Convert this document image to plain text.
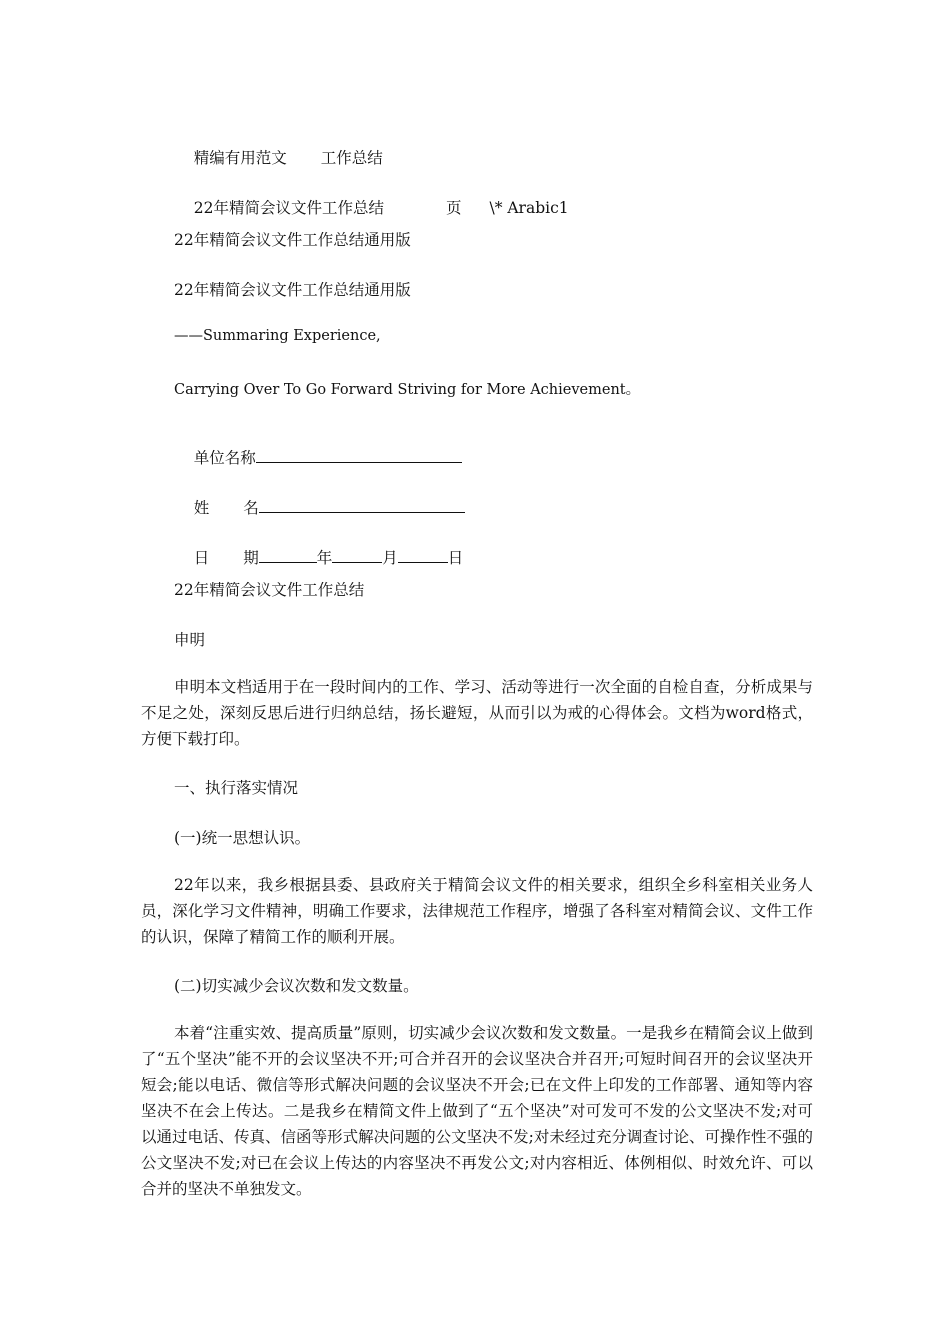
精编有用范文 工作总结

22年精简会议文件工作总结	页 \* Arabic1

22年精简会议文件工作总结通用版
22年精简会议文件工作总结通用版
——Summaring Experience,
Carrying Over To Go Forward Striving for More Achievement。

单位名称

姓 名

日 期	年	月	日

22年精简会议文件工作总结
申明
申明本文档适用于在一段时间内的工作、学习、活动等进行一次全面的自检自查，分析成果与不足之处，深刻反思后进行归纳总结，扬长避短，从而引以为戒的心得体会。文档为word格式，方便下载打印。
一、执行落实情况
(一)统一思想认识。
22年以来，我乡根据县委、县政府关于精简会议文件的相关要求，组织全乡科室相关业务人员，深化学习文件精神，明确工作要求，法律规范工作程序，增强了各科室对精简会议、文件工作的认识，保障了精简工作的顺利开展。
(二)切实减少会议次数和发文数量。
本着“注重实效、提高质量”原则，切实减少会议次数和发文数量。一是我乡在精简会议上做到了“五个坚决”能不开的会议坚决不开;可合并召开的会议坚决合并召开;可短时间召开的会议坚决开短会;能以电话、微信等形式解决问题的会议坚决不开会;已在文件上印发的工作部署、通知等内容坚决不在会上传达。二是我乡在精简文件上做到了“五个坚决”对可发可不发的公文坚决不发;对可以通过电话、传真、信函等形式解决问题的公文坚决不发;对未经过充分调查讨论、可操作性不强的公文坚决不发;对已在会议上传达的内容坚决不再发公文;对内容相近、体例相似、时效允许、可以合并的坚决不单独发文。
